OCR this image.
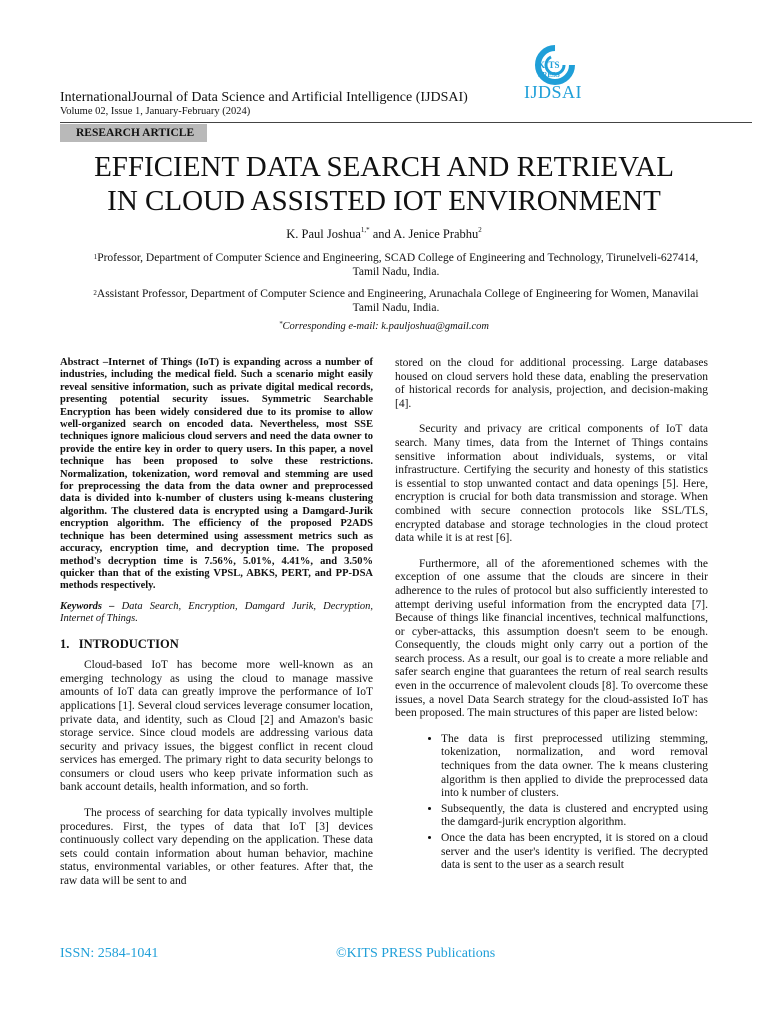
KITS
PRESS
IJDSAI
InternationalJournal of Data Science and Artificial Intelligence (IJDSAI)
Volume 02, Issue 1, January-February (2024)
RESEARCH ARTICLE
EFFICIENT DATA SEARCH AND RETRIEVAL
IN CLOUD ASSISTED IOT ENVIRONMENT
K. Paul Joshua$^{1,*}$ and A. Jenice Prabhu$^2$
$^1$Professor, Department of Computer Science and Engineering, SCAD College of Engineering and Technology, Tirunelveli-627414, Tamil Nadu, India.
$^2$Assistant Professor, Department of Computer Science and Engineering, Arunachala College of Engineering for Women, Manavilai Tamil Nadu, India.
*Corresponding e-mail: k.pauljoshua@gmail.com

Abstract –Internet of Things (IoT) is expanding across a number of industries, including the medical field. Such a scenario might easily reveal sensitive information, such as private digital medical records, presenting potential security issues. Symmetric Searchable Encryption has been widely considered due to its promise to allow well-organized search on encoded data. Nevertheless, most SSE techniques ignore malicious cloud servers and need the data owner to provide the entire key in order to query users. In this paper, a novel technique has been proposed to solve these restrictions. Normalization, tokenization, word removal and stemming are used for preprocessing the data from the data owner and preprocessed data is divided into k-number of clusters using k-means clustering algorithm. The clustered data is encrypted using a Damgard-Jurik encryption algorithm. The efficiency of the proposed P2ADS technique has been determined using assessment metrics such as accuracy, encryption time, and decryption time. The proposed method's decryption time is 7.56%, 5.01%, 4.41%, and 3.50% quicker than that of the existing VPSL, ABKS, PERT, and PP-DSA methods respectively.

Keywords – Data Search, Encryption, Damgard Jurik, Decryption, Internet of Things.

1.   INTRODUCTION

Cloud-based IoT has become more well-known as an emerging technology as using the cloud to manage massive amounts of IoT data can greatly improve the performance of IoT applications [1]. Several cloud services leverage consumer location, private data, and identity, such as Cloud [2] and Amazon's basic storage service. Since cloud models are addressing various data security and privacy issues, the biggest conflict in recent cloud services has emerged. The primary right to data security belongs to consumers or cloud users who keep private information such as bank account details, health information, and so forth.

The process of searching for data typically involves multiple procedures. First, the types of data that IoT [3] devices continuously collect vary depending on the application. These data sets could contain information about human behavior, machine status, environmental variables, or other features. After that, the raw data will be sent to and

stored on the cloud for additional processing. Large databases housed on cloud servers hold these data, enabling the preservation of historical records for analysis, projection, and decision-making [4].

Security and privacy are critical components of IoT data search. Many times, data from the Internet of Things contains sensitive information about individuals, systems, or vital infrastructure. Certifying the security and honesty of this statistics is essential to stop unwanted contact and data openings [5]. Here, encryption is crucial for both data transmission and storage. When combined with secure connection protocols like SSL/TLS, encrypted database and storage technologies in the cloud protect data while it is at rest [6].

Furthermore, all of the aforementioned schemes with the exception of one assume that the clouds are sincere in their adherence to the rules of protocol but also sufficiently interested to attempt deriving useful information from the encrypted data [7]. Because of things like financial incentives, technical malfunctions, or cyber-attacks, this assumption doesn't seem to be enough. Consequently, the clouds might only carry out a portion of the search process. As a result, our goal is to create a more reliable and safer search engine that guarantees the return of real search results even in the occurrence of malevolent clouds [8]. To overcome these issues, a novel Data Search strategy for the cloud-assisted IoT has been proposed. The main structures of this paper are listed below:

• The data is first preprocessed utilizing stemming, tokenization, normalization, and word removal techniques from the data owner. The k means clustering algorithm is then applied to divide the preprocessed data into k number of clusters.
• Subsequently, the data is clustered and encrypted using the damgard-jurik encryption algorithm.
• Once the data has been encrypted, it is stored on a cloud server and the user's identity is verified. The decrypted data is sent to the user as a search result
ISSN: 2584-1041	©KITS PRESS Publications
